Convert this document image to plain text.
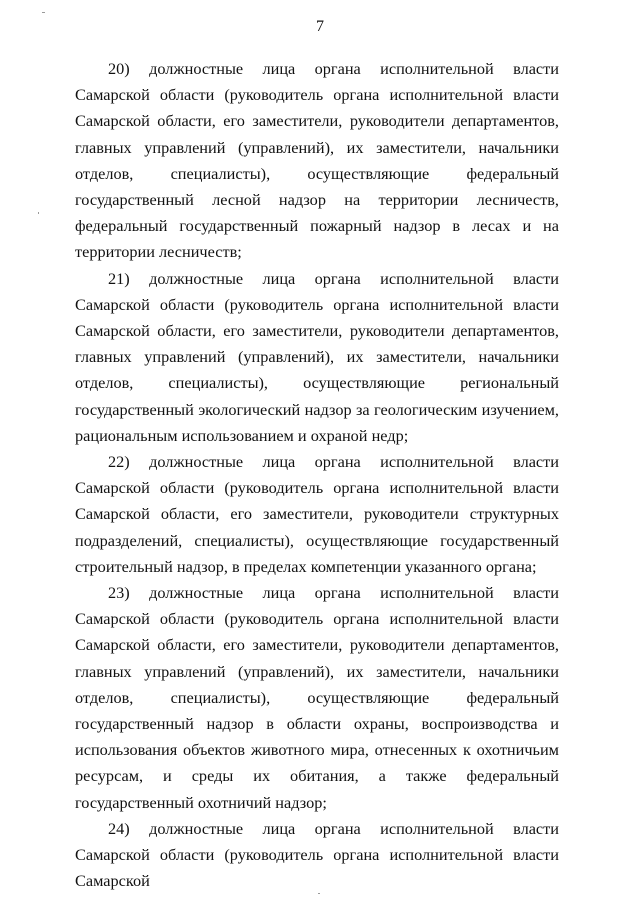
7

20) должностные лица органа исполнительной власти Самарской области (руководитель органа исполнительной власти Самарской области, его заместители, руководители департаментов, главных управлений (управлений), их заместители, начальники отделов, специалисты), осуществляющие федеральный государственный лесной надзор на территории лесничеств, федеральный государственный пожарный надзор в лесах и на территории лесничеств;

21) должностные лица органа исполнительной власти Самарской области (руководитель органа исполнительной власти Самарской области, его заместители, руководители департаментов, главных управлений (управлений), их заместители, начальники отделов, специалисты), осуществляющие региональный государственный экологический надзор за геологическим изучением, рациональным использованием и охраной недр;

22) должностные лица органа исполнительной власти Самарской области (руководитель органа исполнительной власти Самарской области, его заместители, руководители структурных подразделений, специалисты), осуществляющие государственный строительный надзор, в пределах компетенции указанного органа;

23) должностные лица органа исполнительной власти Самарской области (руководитель органа исполнительной власти Самарской области, его заместители, руководители департаментов, главных управлений (управлений), их заместители, начальники отделов, специалисты), осуществляющие федеральный государственный надзор в области охраны, воспроизводства и использования объектов животного мира, отнесенных к охотничьим ресурсам, и среды их обитания, а также федеральный государственный охотничий надзор;

24) должностные лица органа исполнительной власти Самарской области (руководитель органа исполнительной власти Самарской
